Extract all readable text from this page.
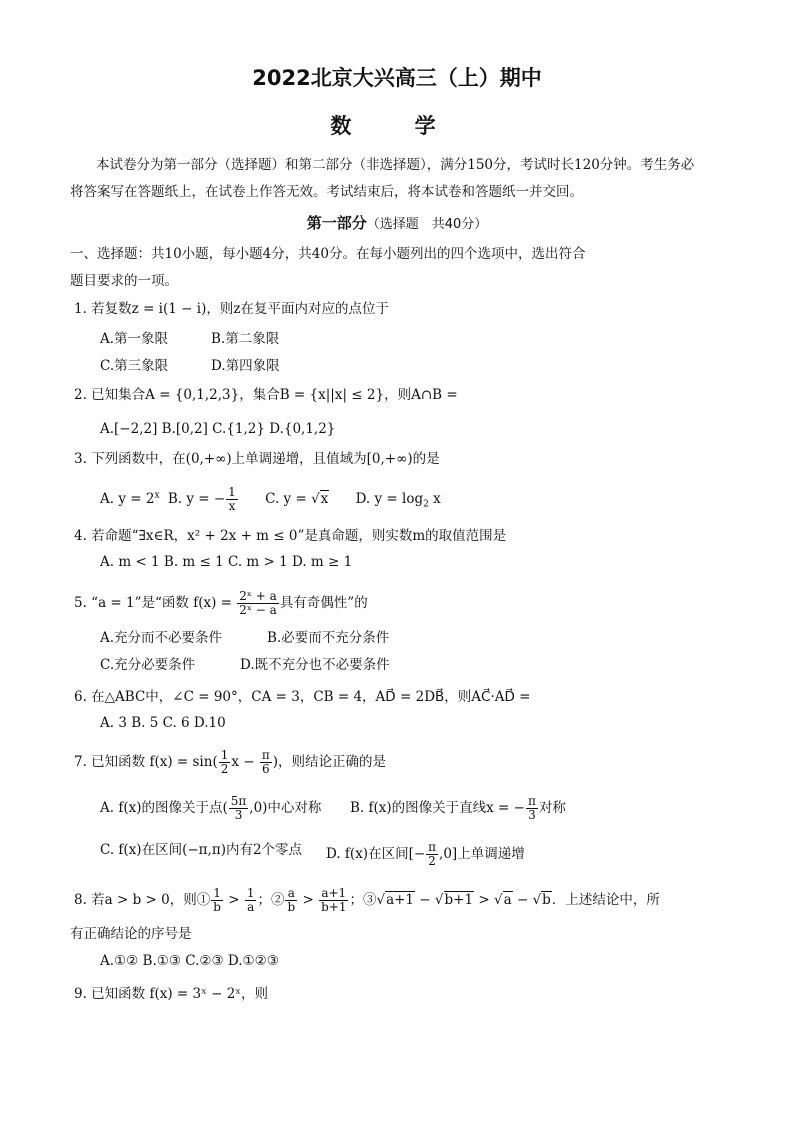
2022北京大兴高三（上）期中
数 学
本试卷分为第一部分（选择题）和第二部分（非选择题），满分150分，考试时长120分钟。考生务必
将答案写在答题纸上，在试卷上作答无效。考试结束后，将本试卷和答题纸一并交回。
第一部分（选择题　共40分）
一、选择题：共10小题，每小题4分，共40分。在每小题列出的四个选项中，选出符合
题目要求的一项。
1. 若复数z = i(1 − i)，则z在复平面内对应的点位于
A.第一象限	B.第二象限
C.第三象限	D.第四象限
2. 已知集合A = {0,1,2,3}，集合B = {x||x| ≤ 2}，则A∩B =
A.[−2,2] B.[0,2] C.{1,2} D.{0,1,2}
3. 下列函数中，在(0,+∞)上单调递增，且值域为[0,+∞)的是
A. $y = 2^x$ B. y = − $\frac{1}{x} C$. y = √x D. $y = \log_2 x$
4. 若命题“∃x∈R，x² + 2x + m ≤ 0”是真命题，则实数m的取值范围是
A. m < 1 B. m ≤ 1 C. m > 1 D. m ≥ 1
5. “a = 1”是“函数 $f(x) = \frac{\text{2ˣ + a}}{\text{2ˣ − a}}$ 具有奇偶性”的
A.充分而不必要条件	B.必要而不充分条件
C.充分必要条件	D.既不充分也不必要条件
6. 在△ABC中，∠C = 90°，CA = 3，CB = 4，AD⃗ = 2DB⃗，则AC⃗·AD⃗ =
A. 3 B. 5 C. 6 D.10
7. 已知函数 $f(x) = \sin( \frac{1}{2}$ $x - \frac{\pi}{6}$ )，则结论正确的是
A. f(x)的图像关于点( $\frac{5\pi}{3} ,0$)中心对称 B. f(x)的图像关于直线x = − $\frac{\pi}{3}$ 对称
C. f(x)在区间(−π,π)内有2个零点 D. f(x)在区间[− $\frac{\pi}{2} ,0$]上单调递增
8. 若a > b > 0，则① $\frac{1}{b} > \frac{1}{a}$ ；② $\frac{a}{b} > \frac{a+1}{b+1}$ ；③√a+1 − √b+1 > √a − √b．上述结论中，所
有正确结论的序号是
A.①② B.①③ C.②③ D.①②③
9. 已知函数 f(x) = 3ˣ − 2ˣ，则
